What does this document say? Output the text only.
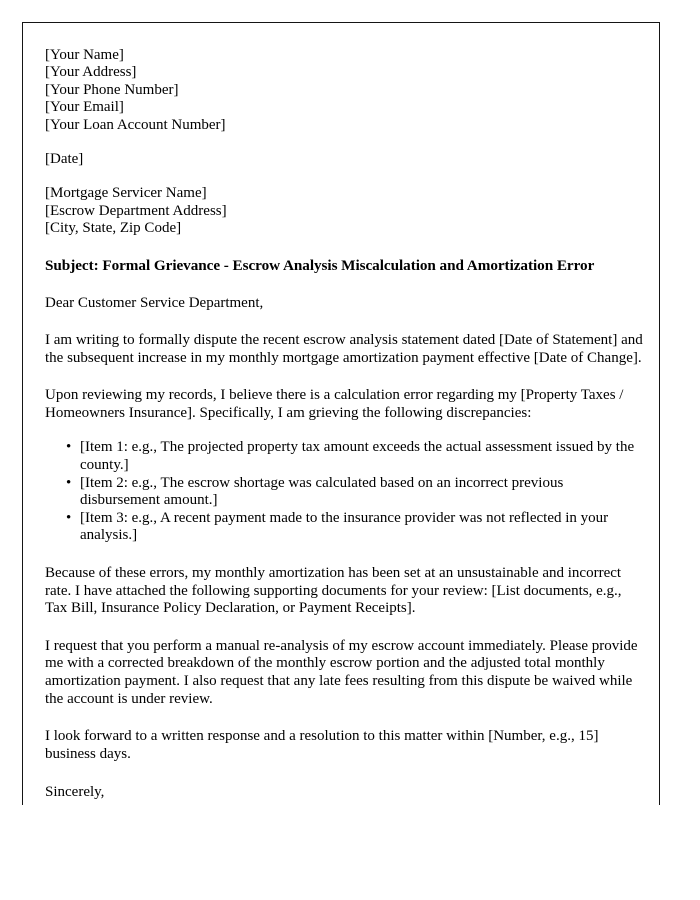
[Your Name]
[Your Address]
[Your Phone Number]
[Your Email]
[Your Loan Account Number]
[Date]
[Mortgage Servicer Name]
[Escrow Department Address]
[City, State, Zip Code]
Subject: Formal Grievance - Escrow Analysis Miscalculation and Amortization Error
Dear Customer Service Department,

I am writing to formally dispute the recent escrow analysis statement dated [Date of Statement] and the subsequent increase in my monthly mortgage amortization payment effective [Date of Change].

Upon reviewing my records, I believe there is a calculation error regarding my [Property Taxes / Homeowners Insurance]. Specifically, I am grieving the following discrepancies:

• [Item 1: e.g., The projected property tax amount exceeds the actual assessment issued by the county.]
• [Item 2: e.g., The escrow shortage was calculated based on an incorrect previous disbursement amount.]
• [Item 3: e.g., A recent payment made to the insurance provider was not reflected in your analysis.]

Because of these errors, my monthly amortization has been set at an unsustainable and incorrect rate. I have attached the following supporting documents for your review: [List documents, e.g., Tax Bill, Insurance Policy Declaration, or Payment Receipts].

I request that you perform a manual re-analysis of my escrow account immediately. Please provide me with a corrected breakdown of the monthly escrow portion and the adjusted total monthly amortization payment. I also request that any late fees resulting from this dispute be waived while the account is under review.

I look forward to a written response and a resolution to this matter within [Number, e.g., 15] business days.

Sincerely,
